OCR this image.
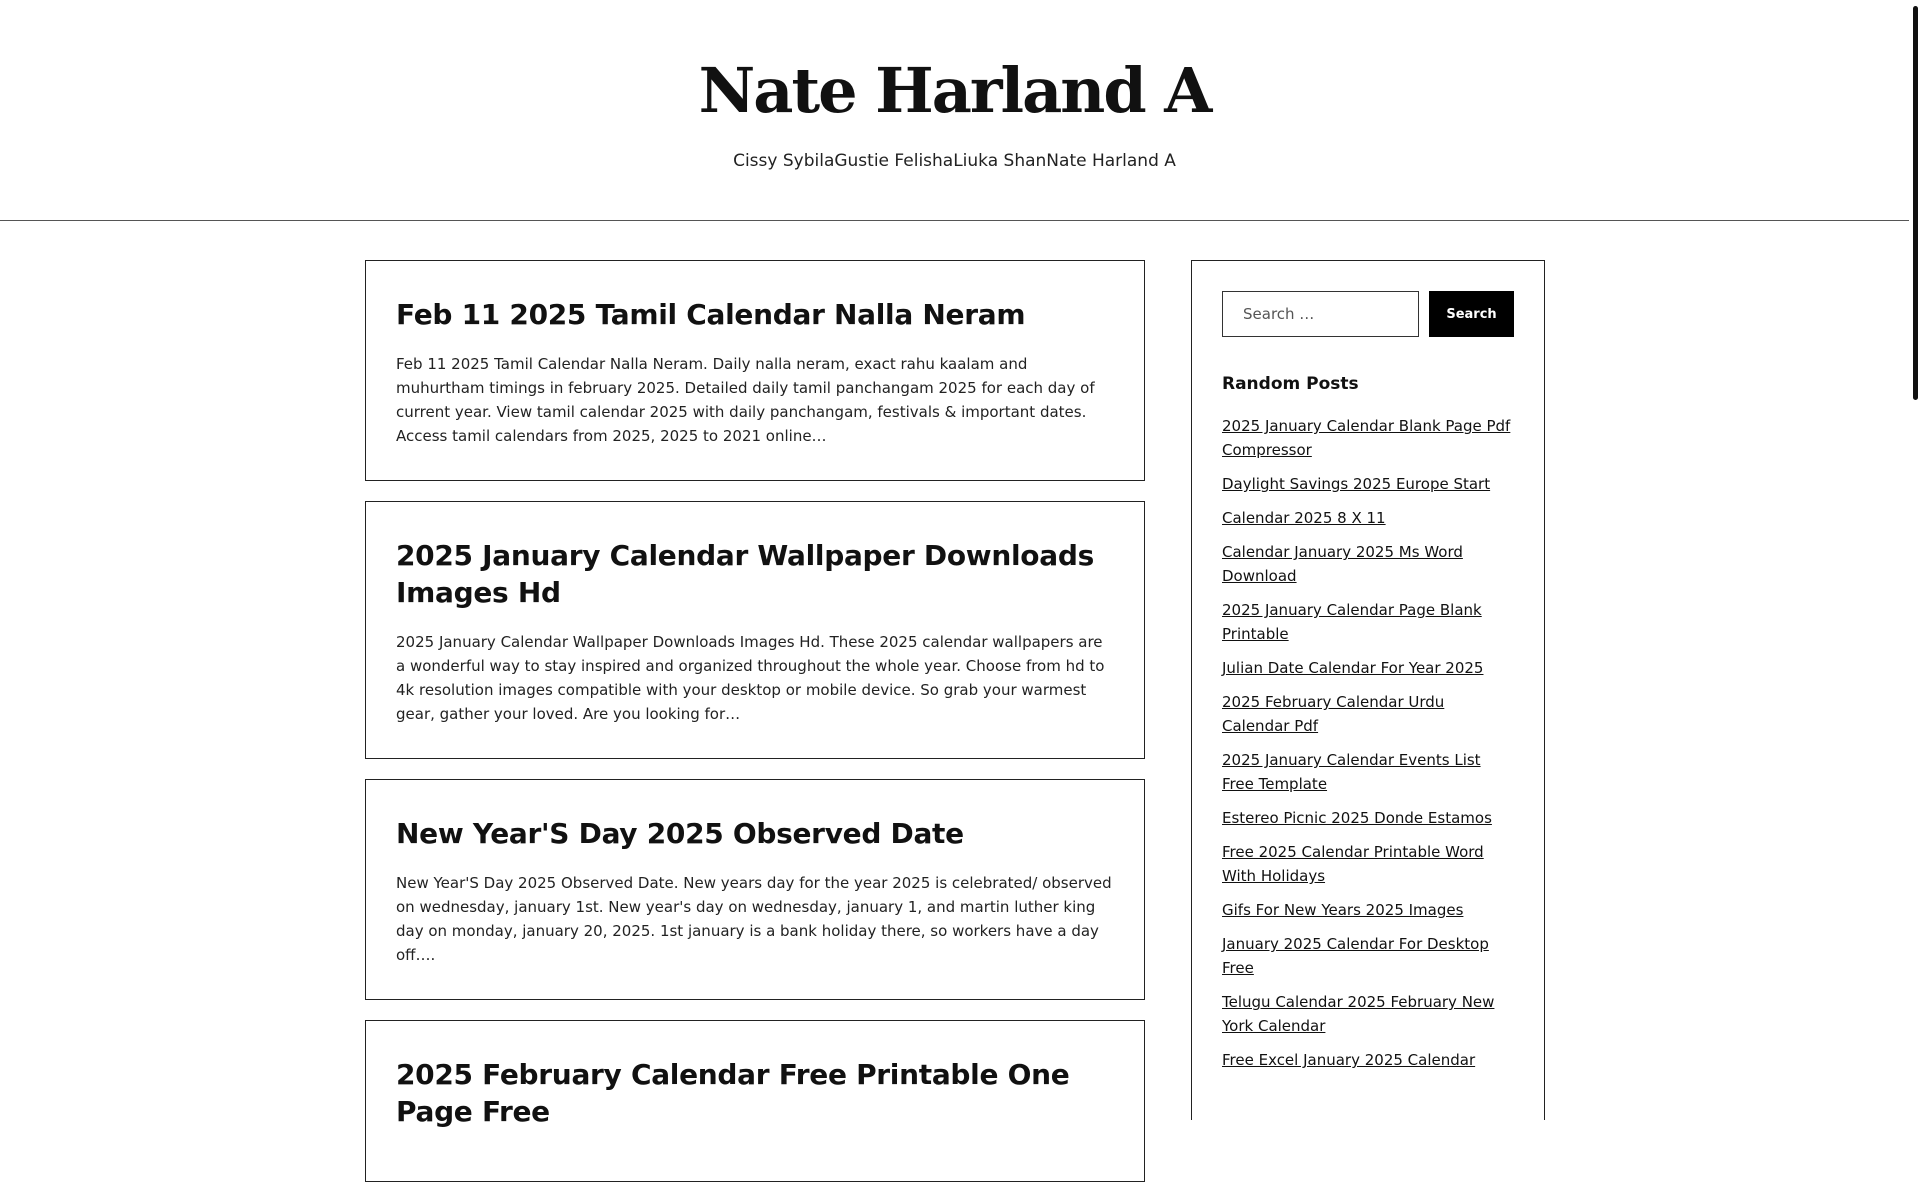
Nate Harland A
Cissy SybilaGustie FelishaLiuka ShanNate Harland A
Feb 11 2025 Tamil Calendar Nalla Neram

Feb 11 2025 Tamil Calendar Nalla Neram. Daily nalla neram, exact rahu kaalam and muhurtham timings in february 2025. Detailed daily tamil panchangam 2025 for each day of current year. View tamil calendar 2025 with daily panchangam, festivals & important dates. Access tamil calendars from 2025, 2025 to 2021 online…

2025 January Calendar Wallpaper Downloads Images Hd

2025 January Calendar Wallpaper Downloads Images Hd. These 2025 calendar wallpapers are a wonderful way to stay inspired and organized throughout the whole year. Choose from hd to 4k resolution images compatible with your desktop or mobile device. So grab your warmest gear, gather your loved. Are you looking for…

New Year'S Day 2025 Observed Date

New Year'S Day 2025 Observed Date. New years day for the year 2025 is celebrated/ observed on wednesday, january 1st. New year's day on wednesday, january 1, and martin luther king day on monday, january 20, 2025. 1st january is a bank holiday there, so workers have a day off….

2025 February Calendar Free Printable One Page Free

Search …
Search
Random Posts
2025 January Calendar Blank Page Pdf Compressor
Daylight Savings 2025 Europe Start
Calendar 2025 8 X 11
Calendar January 2025 Ms Word Download
2025 January Calendar Page Blank Printable
Julian Date Calendar For Year 2025
2025 February Calendar Urdu Calendar Pdf
2025 January Calendar Events List Free Template
Estereo Picnic 2025 Donde Estamos
Free 2025 Calendar Printable Word With Holidays
Gifs For New Years 2025 Images
January 2025 Calendar For Desktop Free
Telugu Calendar 2025 February New York Calendar
Free Excel January 2025 Calendar
